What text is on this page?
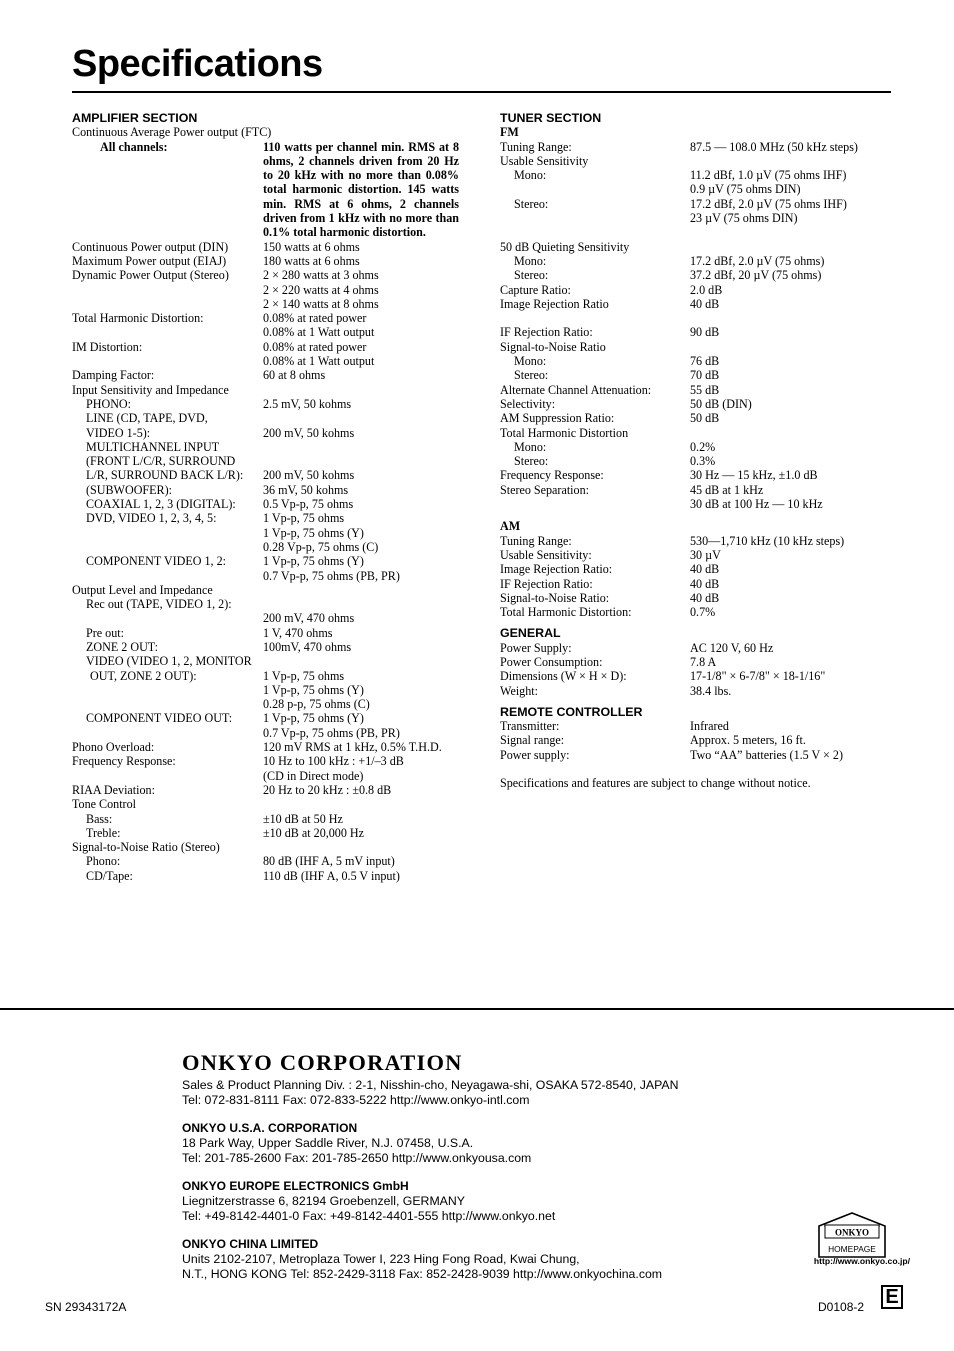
Specifications
AMPLIFIER SECTION
Continuous Average Power output (FTC)
All channels:	110 watts per channel min. RMS at 8 ohms, 2 channels driven from 20 Hz to 20 kHz with no more than 0.08% total harmonic distortion. 145 watts min. RMS at 6 ohms, 2 channels driven from 1 kHz with no more than 0.1% total harmonic distortion.
Continuous Power output (DIN)	150 watts at 6 ohms
Maximum Power output (EIAJ)	180 watts at 6 ohms
Dynamic Power Output (Stereo)	2 × 280 watts at 3 ohms
2 × 220 watts at 4 ohms
2 × 140 watts at 8 ohms
Total Harmonic Distortion:	0.08% at rated power
0.08% at 1 Watt output
IM Distortion:	0.08% at rated power
0.08% at 1 Watt output
Damping Factor:	60 at 8 ohms
Input Sensitivity and Impedance
PHONO:	2.5 mV, 50 kohms
LINE (CD, TAPE, DVD,
VIDEO 1-5):	200 mV, 50 kohms
MULTICHANNEL INPUT
(FRONT L/C/R, SURROUND
L/R, SURROUND BACK L/R):	200 mV, 50 kohms
(SUBWOOFER):	36 mV, 50 kohms
COAXIAL 1, 2, 3 (DIGITAL):	0.5 Vp-p, 75 ohms
DVD, VIDEO 1, 2, 3, 4, 5:	1 Vp-p, 75 ohms
1 Vp-p, 75 ohms (Y)
0.28 Vp-p, 75 ohms (C)
COMPONENT VIDEO 1, 2:	1 Vp-p, 75 ohms (Y)
0.7 Vp-p, 75 ohms (PB, PR)
Output Level and Impedance
Rec out (TAPE, VIDEO 1, 2):
200 mV, 470 ohms
Pre out:	1 V, 470 ohms
ZONE 2 OUT:	100mV, 470 ohms
VIDEO (VIDEO 1, 2, MONITOR
OUT, ZONE 2 OUT):	1 Vp-p, 75 ohms
1 Vp-p, 75 ohms (Y)
0.28 p-p, 75 ohms (C)
COMPONENT VIDEO OUT:	1 Vp-p, 75 ohms (Y)
0.7 Vp-p, 75 ohms (PB, PR)
Phono Overload:	120 mV RMS at 1 kHz, 0.5% T.H.D.
Frequency Response:	10 Hz to 100 kHz : +1/–3 dB
(CD in Direct mode)
RIAA Deviation:	20 Hz to 20 kHz : ±0.8 dB
Tone Control
Bass:	±10 dB at 50 Hz
Treble:	±10 dB at 20,000 Hz
Signal-to-Noise Ratio (Stereo)
Phono:	80 dB (IHF A, 5 mV input)
CD/Tape:	110 dB (IHF A, 0.5 V input)
TUNER SECTION
FM
Tuning Range:	87.5 — 108.0 MHz (50 kHz steps)
Usable Sensitivity
Mono:	11.2 dBf, 1.0 µV (75 ohms IHF)
0.9 µV (75 ohms DIN)
Stereo:	17.2 dBf, 2.0 µV (75 ohms IHF)
23 µV (75 ohms DIN)

50 dB Quieting Sensitivity
Mono:	17.2 dBf, 2.0 µV (75 ohms)
Stereo:	37.2 dBf, 20 µV (75 ohms)
Capture Ratio:	2.0 dB
Image Rejection Ratio	40 dB

IF Rejection Ratio:	90 dB
Signal-to-Noise Ratio
Mono:	76 dB
Stereo:	70 dB
Alternate Channel Attenuation:	55 dB
Selectivity:	50 dB (DIN)
AM Suppression Ratio:	50 dB
Total Harmonic Distortion
Mono:	0.2%
Stereo:	0.3%
Frequency Response:	30 Hz — 15 kHz, ±1.0 dB
Stereo Separation:	45 dB at 1 kHz
30 dB at 100 Hz — 10 kHz
AM
Tuning Range:	530—1,710 kHz (10 kHz steps)
Usable Sensitivity:	30 µV
Image Rejection Ratio:	40 dB
IF Rejection Ratio:	40 dB
Signal-to-Noise Ratio:	40 dB
Total Harmonic Distortion:	0.7%
GENERAL
Power Supply:	AC 120 V, 60 Hz
Power Consumption:	7.8 A
Dimensions (W × H × D):	17-1/8" × 6-7/8" × 18-1/16"
Weight:	38.4 lbs.
REMOTE CONTROLLER
Transmitter:	Infrared
Signal range:	Approx. 5 meters, 16 ft.
Power supply:	Two “AA” batteries (1.5 V × 2)
Specifications and features are subject to change without notice.
ONKYO CORPORATION
Sales & Product Planning Div. : 2-1, Nisshin-cho, Neyagawa-shi, OSAKA 572-8540, JAPAN
Tel: 072-831-8111 Fax: 072-833-5222 http://www.onkyo-intl.com
ONKYO U.S.A. CORPORATION
18 Park Way, Upper Saddle River, N.J. 07458, U.S.A.
Tel: 201-785-2600 Fax: 201-785-2650 http://www.onkyousa.com
ONKYO EUROPE ELECTRONICS GmbH
Liegnitzerstrasse 6, 82194 Groebenzell, GERMANY
Tel: +49-8142-4401-0 Fax: +49-8142-4401-555 http://www.onkyo.net
ONKYO CHINA LIMITED
Units 2102-2107, Metroplaza Tower I, 223 Hing Fong Road, Kwai Chung,
N.T., HONG KONG Tel: 852-2429-3118 Fax: 852-2428-9039 http://www.onkyochina.com
ONKYO
HOMEPAGE
http://www.onkyo.co.jp/
SN 29343172A	D0108-2 E
